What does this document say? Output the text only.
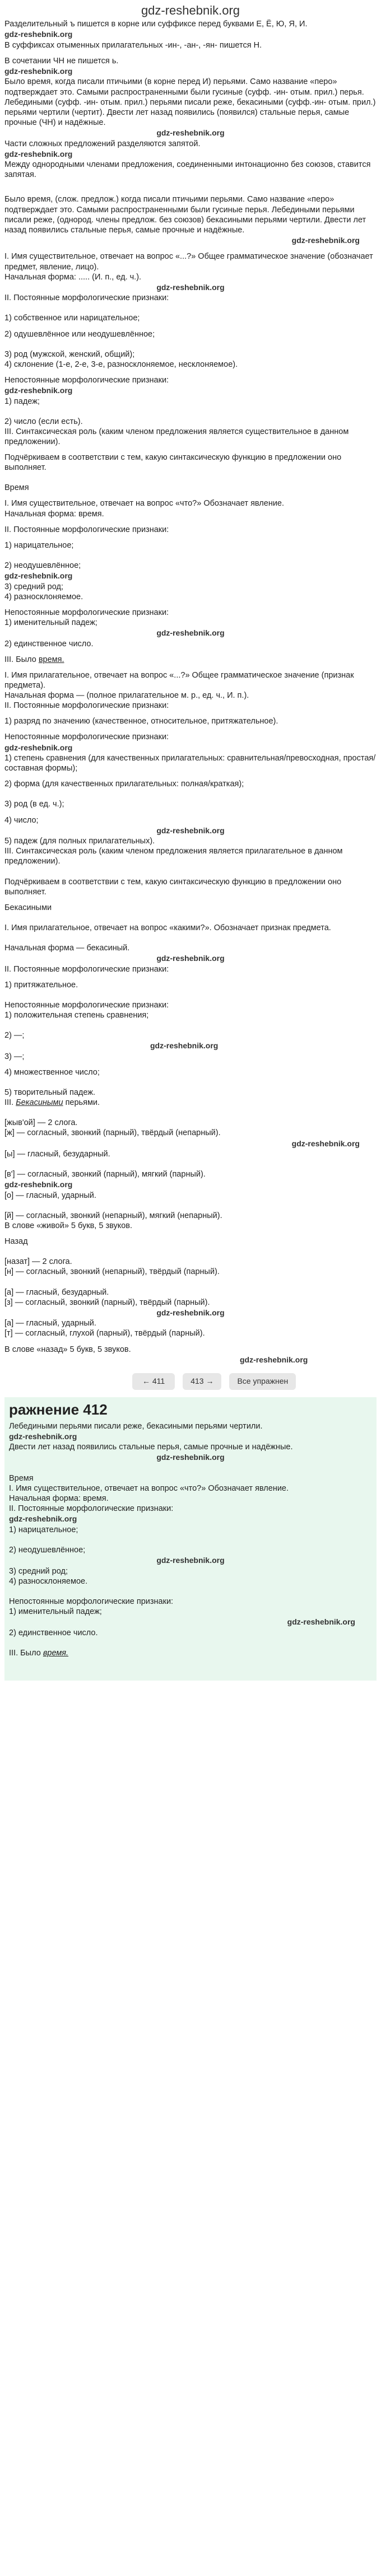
gdz-reshebnik.org

Разделительный ъ пишется в корне или суффиксе перед буквами Е, Ё, Ю, Я, И.

gdz-reshebnik.org

В суффиксах отыменных прилагательных -ин-, -ан-, -ян- пишется Н.

В сочетании ЧН не пишется ь.

gdz-reshebnik.org

Было время, когда писали птичьими (в корне перед И) перьями. Само название «перо» подтверждает это. Самыми распространенными были гусиные (суфф. -ин- отым. прил.) перья. Лебедиными (суфф. -ин- отым. прил.) перьями писали реже, бекасиными (суфф.-ин- отым. прил.) перьями чертили (чертит). Двести лет назад появились (появился) стальные перья, самые прочные (ЧН) и надёжные.

gdz-reshebnik.org

Части сложных предложений разделяются запятой.

gdz-reshebnik.org

Между однородными членами предложения, соединенными интонационно без союзов, ставится запятая.

Было время, (слож. предлож.) когда писали птичьими перьями. Само название «перо» подтверждает это. Самыми распространенными были гусиные перья. Лебедиными перьями писали реже, (однород. члены предлож. без союзов) бекасиными перьями чертили. Двести лет назад появились стальные перья, самые прочные и надёжные.

gdz-reshebnik.org

I. Имя существительное, отвечает на вопрос «...?» Общее грамматическое значение (обозначает предмет, явление, лицо).

Начальная форма: ..... (И. п., ед. ч.).

gdz-reshebnik.org

II. Постоянные морфологические признаки:

1) собственное или нарицательное;

2) одушевлённое или неодушевлённое;

3) род (мужской, женский, общий);

4) склонение (1-е, 2-е, 3-е, разносклоняемое, несклоняемое).

Непостоянные морфологические признаки:

gdz-reshebnik.org

1) падеж;

2) число (если есть).

III. Синтаксическая роль (каким членом предложения является существительное в данном предложении).

Подчёркиваем в соответствии с тем, какую синтаксическую функцию в предложении оно выполняет.

Время

I. Имя существительное, отвечает на вопрос «что?» Обозначает явление.

Начальная форма: время.

II. Постоянные морфологические признаки:

1) нарицательное;

2) неодушевлённое;

gdz-reshebnik.org

3) средний род;

4) разносклоняемое.

Непостоянные морфологические признаки:

1) именительный падеж;

gdz-reshebnik.org

2) единственное число.

III. Было время.

I. Имя прилагательное, отвечает на вопрос «...?» Общее грамматическое значение (признак предмета).

Начальная форма — (полное прилагательное м. р., ед. ч., И. п.).

II. Постоянные морфологические признаки:

1) разряд по значению (качественное, относительное, притяжательное).

Непостоянные морфологические признаки:

gdz-reshebnik.org

1) степень сравнения (для качественных прилагательных: сравнительная/превосходная, простая/составная формы);

2) форма (для качественных прилагательных: полная/краткая);

3) род (в ед. ч.);

4) число;

gdz-reshebnik.org

5) падеж (для полных прилагательных).

III. Синтаксическая роль (каким членом предложения является прилагательное в данном предложении).

Подчёркиваем в соответствии с тем, какую синтаксическую функцию в предложении оно выполняет.

Бекасиными

I. Имя прилагательное, отвечает на вопрос «какими?». Обозначает признак предмета.

Начальная форма — бекасиный.

gdz-reshebnik.org

II. Постоянные морфологические признаки:

1) притяжательное.

Непостоянные морфологические признаки:

1) положительная степень сравнения;

2) —;

gdz-reshebnik.org

3) —;

4) множественное число;

5) творительный падеж.

III. Бекасиными перьями.

[жыв'ой] — 2 слога.

[ж] — согласный, звонкий (парный), твёрдый (непарный).

gdz-reshebnik.org

[ы] — гласный, безударный.

[в'] — согласный, звонкий (парный), мягкий (парный).

gdz-reshebnik.org

[о] — гласный, ударный.

[й] — согласный, звонкий (непарный), мягкий (непарный).

В слове «живой» 5 букв, 5 звуков.

Назад

[назат] — 2 слога.

[н] — согласный, звонкий (непарный), твёрдый (парный).

[а] — гласный, безударный.

[з] — согласный, звонкий (парный), твёрдый (парный).

gdz-reshebnik.org

[а] — гласный, ударный.

[т] — согласный, глухой (парный), твёрдый (парный).

В слове «назад» 5 букв, 5 звуков.

gdz-reshebnik.org
← 411	413 →	Все упражнен
ражнение 412

Лебедиными перьями писали реже, бекасиными перьями чертили.

gdz-reshebnik.org

Двести лет назад появились стальные перья, самые прочные и надёжные.

gdz-reshebnik.org

Время

I. Имя существительное, отвечает на вопрос «что?» Обозначает явление.

Начальная форма: время.

II. Постоянные морфологические признаки:

gdz-reshebnik.org

1) нарицательное;

2) неодушевлённое;

gdz-reshebnik.org

3) средний род;

4) разносклоняемое.

Непостоянные морфологические признаки:

1) именительный падеж;

gdz-reshebnik.org

2) единственное число.

III. Было время.
